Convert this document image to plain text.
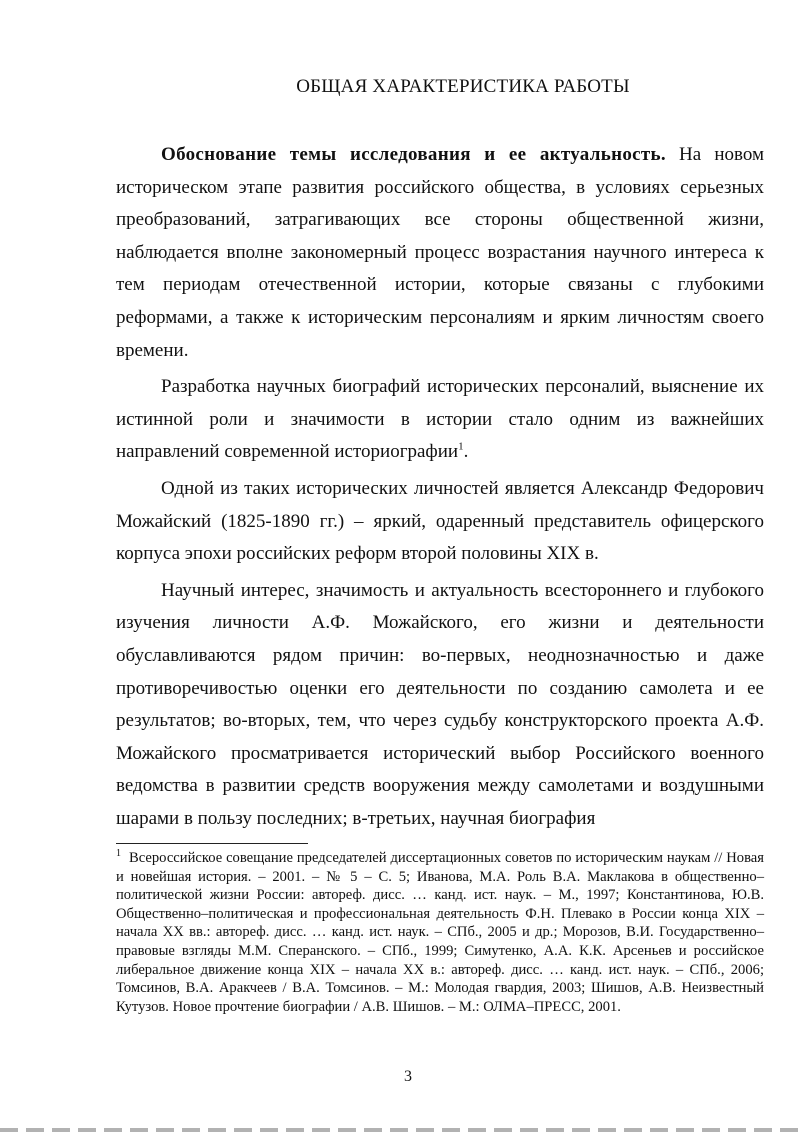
ОБЩАЯ ХАРАКТЕРИСТИКА РАБОТЫ

Обоснование темы исследования и ее актуальность. На новом историческом этапе развития российского общества, в условиях серьезных преобразований, затрагивающих все стороны общественной жизни, наблюдается вполне закономерный процесс возрастания научного интереса к тем периодам отечественной истории, которые связаны с глубокими реформами, а также к историческим персоналиям и ярким личностям своего времени.

Разработка научных биографий исторических персоналий, выяснение их истинной роли и значимости в истории стало одним из важнейших направлений современной историографии$^1$.

Одной из таких исторических личностей является Александр Федорович Можайский (1825-1890 гг.) – яркий, одаренный представитель офицерского корпуса эпохи российских реформ второй половины XIX в.

Научный интерес, значимость и актуальность всестороннего и глубокого изучения личности А.Ф. Можайского, его жизни и деятельности обуславливаются рядом причин: во-первых, неоднозначностью и даже противоречивостью оценки его деятельности по созданию самолета и ее результатов; во-вторых, тем, что через судьбу конструкторского проекта А.Ф. Можайского просматривается исторический выбор Российского военного ведомства в развитии средств вооружения между самолетами и воздушными шарами в пользу последних; в-третьих, научная биография

$^1$ Всероссийское совещание председателей диссертационных советов по историческим наукам // Новая и новейшая история. – 2001. – № 5 – С. 5; Иванова, М.А. Роль В.А. Маклакова в общественно–политической жизни России: автореф. дисс. … канд. ист. наук. – М., 1997; Константинова, Ю.В. Общественно–политическая и профессиональная деятельность Ф.Н. Плевако в России конца XIX – начала XX вв.: автореф. дисс. … канд. ист. наук. – СПб., 2005 и др.; Морозов, В.И. Государственно–правовые взгляды М.М. Сперанского. – СПб., 1999; Симутенко, А.А. К.К. Арсеньев и российское либеральное движение конца XIX – начала XX в.: автореф. дисс. … канд. ист. наук. – СПб., 2006; Томсинов, В.А. Аракчеев / В.А. Томсинов. – М.: Молодая гвардия, 2003; Шишов, А.В. Неизвестный Кутузов. Новое прочтение биографии / А.В. Шишов. – М.: ОЛМА–ПРЕСС, 2001.

3
